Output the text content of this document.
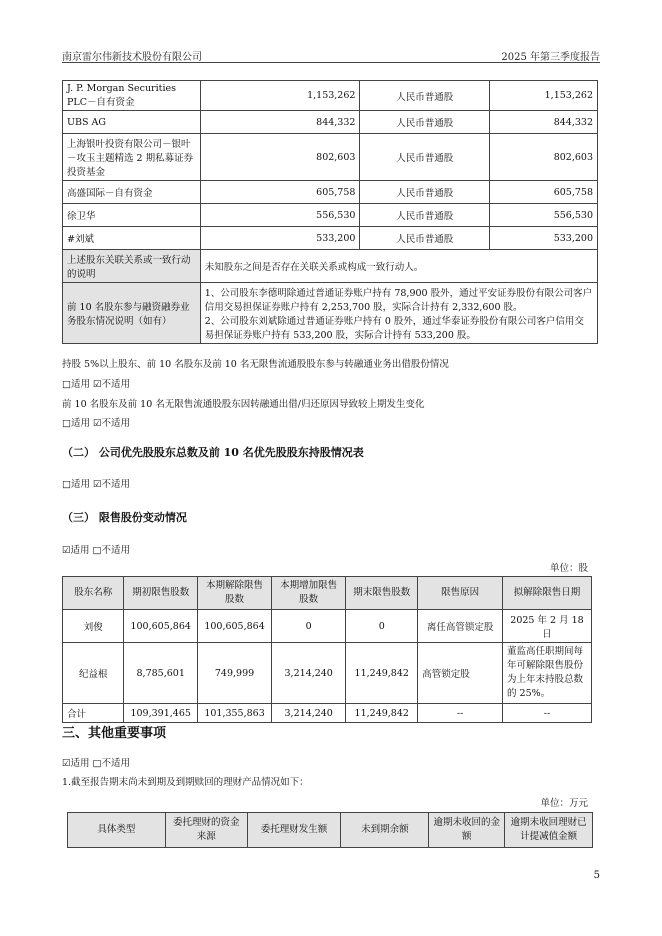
南京雷尔伟新技术股份有限公司	2025 年第三季度报告
J. P. Morgan Securities PLC－自有资金	1,153,262	人民币普通股	1,153,262
UBS AG	844,332	人民币普通股	844,332
上海银叶投资有限公司－银叶－攻玉主题精选 2 期私募证券投资基金	802,603	人民币普通股	802,603
高盛国际－自有资金	605,758	人民币普通股	605,758
徐卫华	556,530	人民币普通股	556,530
#刘斌	533,200	人民币普通股	533,200
上述股东关联关系或一致行动的说明	未知股东之间是否存在关联关系或构成一致行动人。		
前 10 名股东参与融资融券业务股东情况说明（如有）	1、公司股东李德明除通过普通证券账户持有 78,900 股外，通过平安证券股份有限公司客户信用交易担保证券账户持有 2,253,700 股，实际合计持有 2,332,600 股。
2、公司股东刘斌除通过普通证券账户持有 0 股外，通过华泰证券股份有限公司客户信用交易担保证券账户持有 533,200 股，实际合计持有 533,200 股。		
持股 5%以上股东、前 10 名股东及前 10 名无限售流通股股东参与转融通业务出借股份情况
□适用 ☑不适用
前 10 名股东及前 10 名无限售流通股股东因转融通出借/归还原因导致较上期发生变化
□适用 ☑不适用
（二） 公司优先股股东总数及前 10 名优先股股东持股情况表
□适用 ☑不适用
（三） 限售股份变动情况
☑适用 □不适用
单位：股
股东名称	期初限售股数	本期解除限售股数	本期增加限售股数	期末限售股数	限售原因	拟解除限售日期
刘俊	100,605,864	100,605,864	0	0	离任高管锁定股	2025 年 2 月 18 日
纪益根	8,785,601	749,999	3,214,240	11,249,842	高管锁定股	董监高任职期间每年可解除限售股份为上年末持股总数的 25%。
合计	109,391,465	101,355,863	3,214,240	11,249,842	--	--
三、其他重要事项
☑适用 □不适用
1.截至报告期末尚未到期及到期赎回的理财产品情况如下：
单位：万元
具体类型	委托理财的资金来源	委托理财发生额	未到期余额	逾期未收回的金额	逾期未收回理财已计提减值金额
5
